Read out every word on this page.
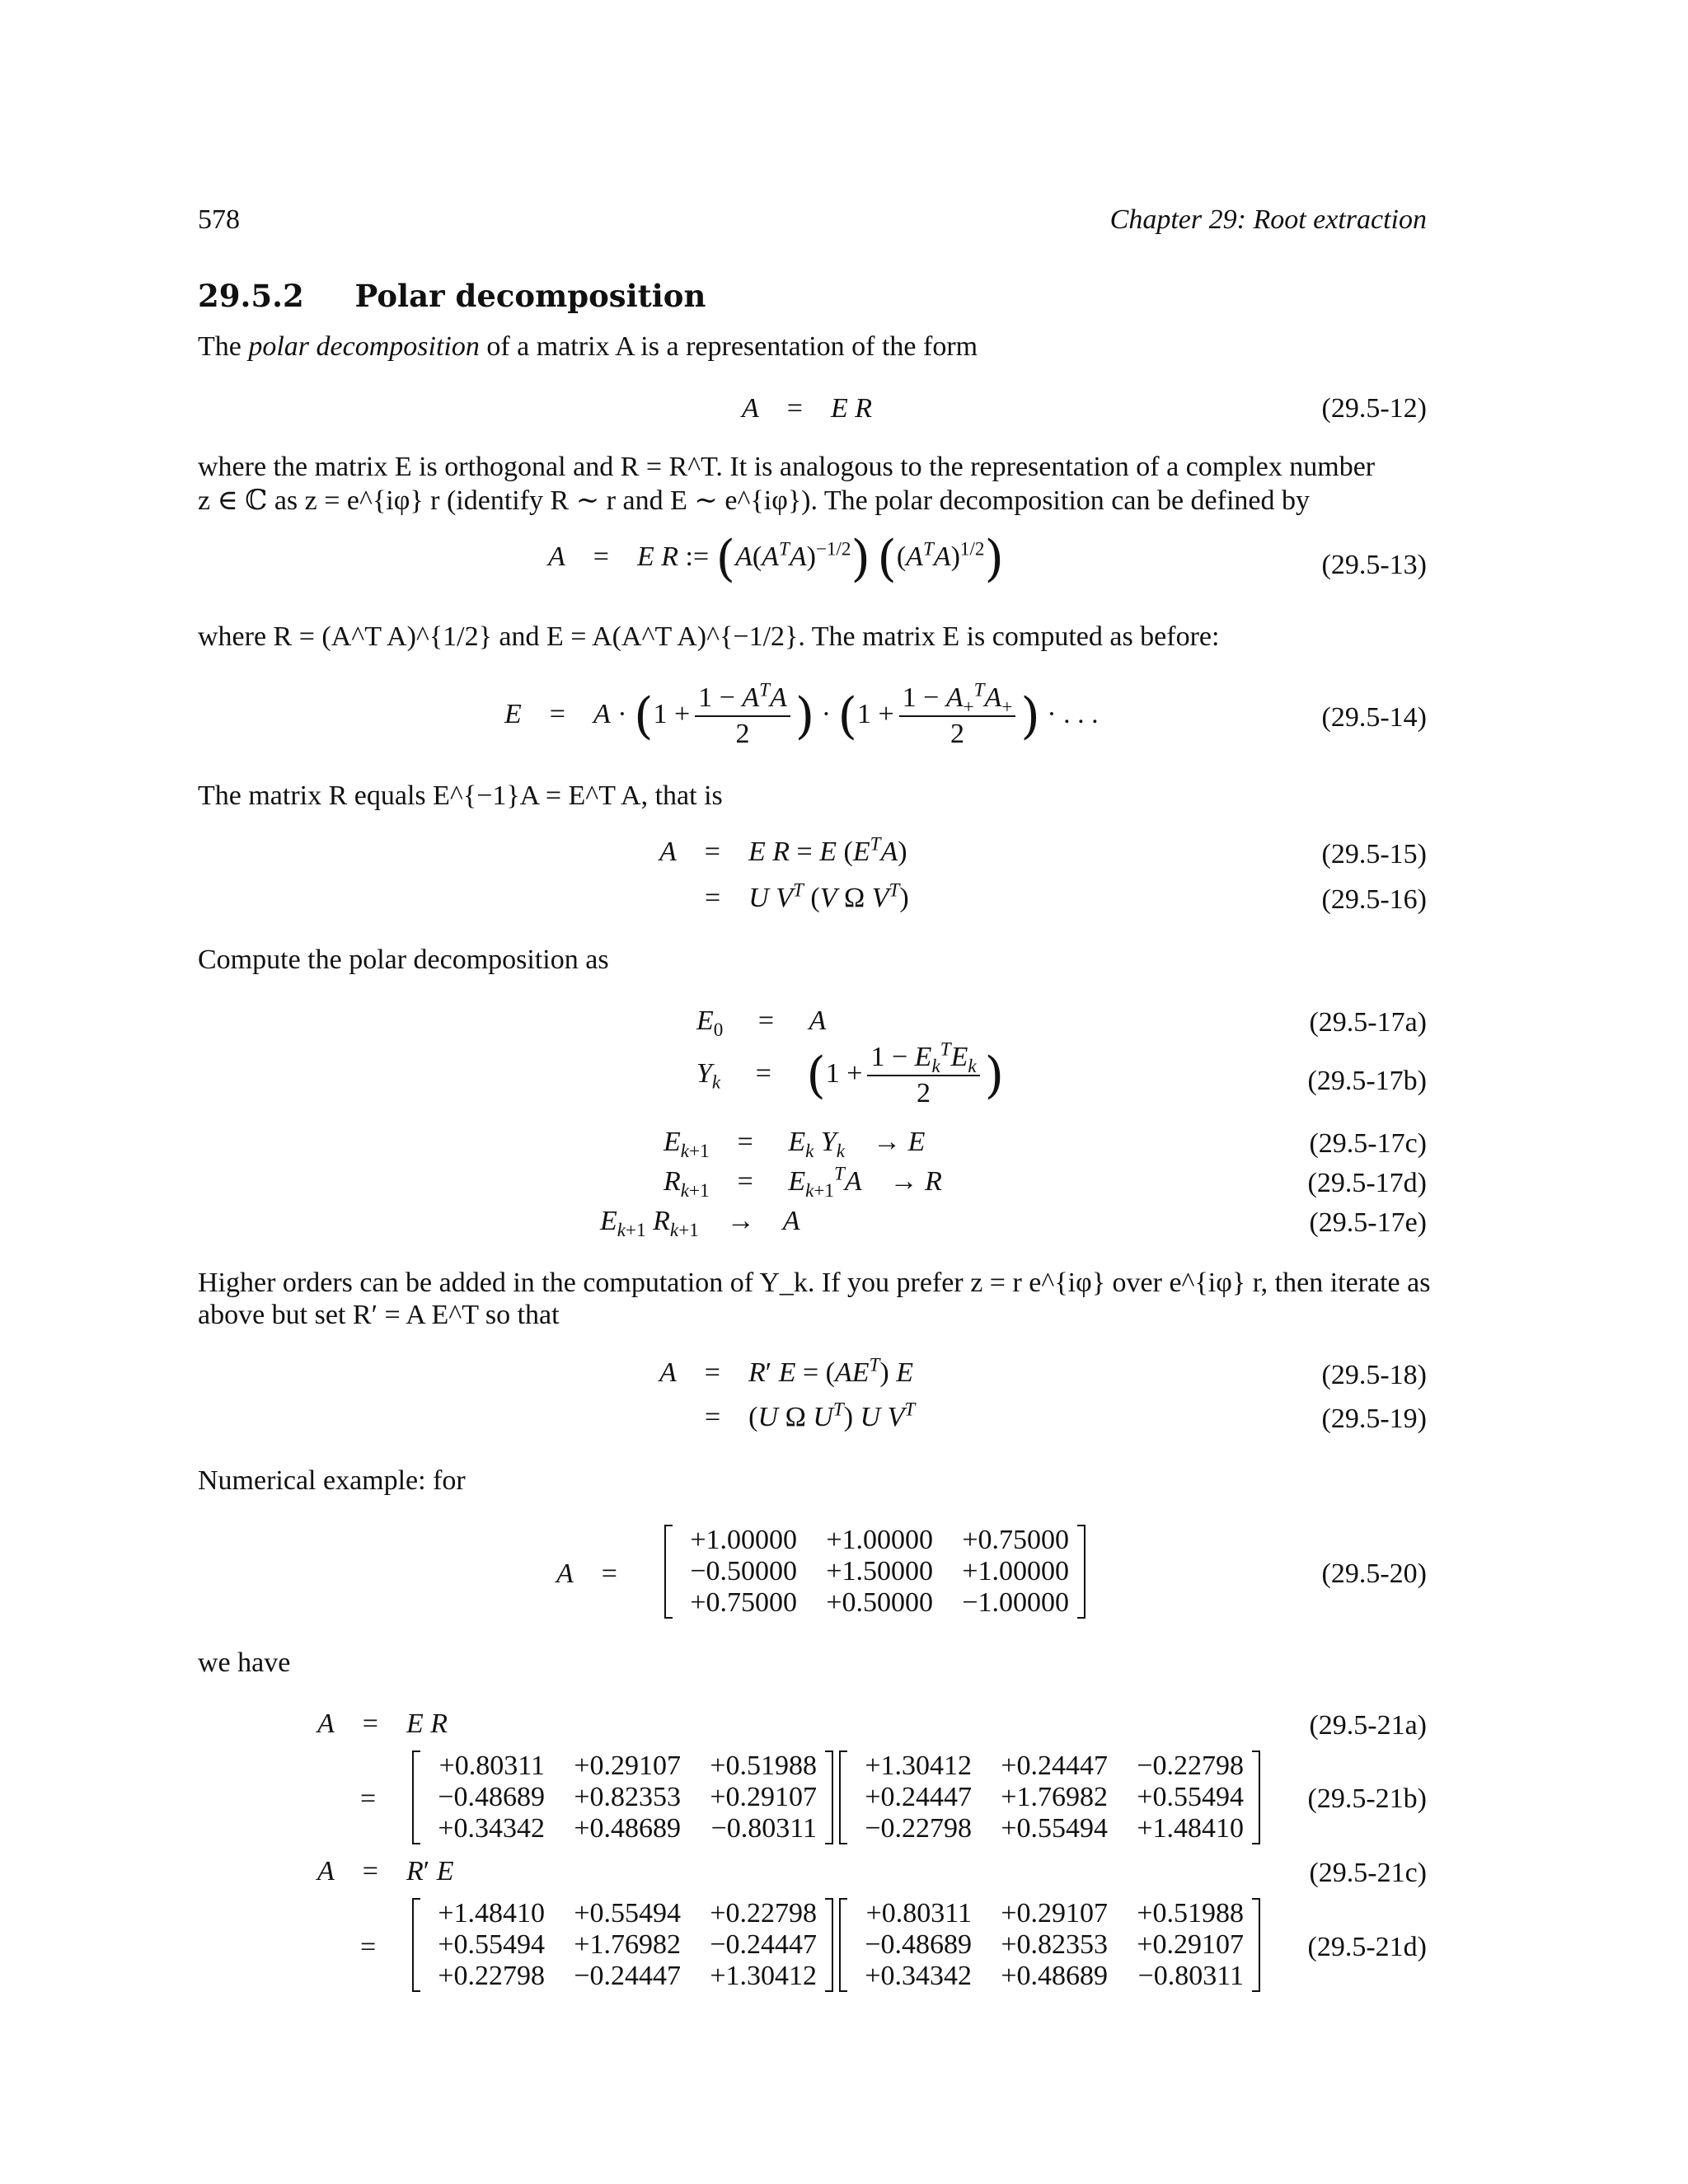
578	Chapter 29: Root extraction
29.5.2 Polar decomposition
The polar decomposition of a matrix A is a representation of the form
A    =    E R	(29.5-12)
where the matrix E is orthogonal and R = R^T. It is analogous to the representation of a complex number
z ∈ ℂ as z = e^{iφ} r (identify R ∼ r and E ∼ e^{iφ}). The polar decomposition can be defined by
A    =    E R := $(A(A^TA)^{-1/2})$ $((A^TA)^{1/2})$	(29.5-13)
where R = (A^T A)^{1/2} and E = A(A^T A)^{−1/2}. The matrix E is computed as before:
E    =    $A \cdot (1 + \frac{1 - A^TA}{2}$ ) · ($1 + \frac{1 - A_+^TA_+}{2}$ ) · . . .	(29.5-14)
The matrix R equals E^{−1}A = E^T A, that is
A    =    E R = E $(E^TA)$	(29.5-15)
=    U $V^T$ (V Ω $V^T$)	(29.5-16)
Compute the polar decomposition as
$E_0$     =     A	(29.5-17a)
$Y_k$     =     ($1 + \frac{1 - E_k^TE_k}{2}$ )	(29.5-17b)
$E_{k+1}$    =     $E_k$ $Y_k$    → E	(29.5-17c)
$R_{k+1}$    =     $E_{k+1}^TA$    → R	(29.5-17d)
$E_{k+1}$ $R_{k+1}$    →    A	(29.5-17e)
Higher orders can be added in the computation of Y_k. If you prefer z = r e^{iφ} over e^{iφ} r, then iterate as
above but set R′ = A E^T so that
A    =    R′ $E = (AE^T)$ E	(29.5-18)
=    (U Ω $U^T$) U $V^T$	(29.5-19)
Numerical example: for
A    =
+1.00000	+1.00000	+0.75000
−0.50000	+1.50000	+1.00000
+0.75000	+0.50000	−1.00000
(29.5-20)
we have
A    =    E R	(29.5-21a)
=
+0.80311	+0.29107	+0.51988
−0.48689	+0.82353	+0.29107
+0.34342	+0.48689	−0.80311
+1.30412	+0.24447	−0.22798
+0.24447	+1.76982	+0.55494
−0.22798	+0.55494	+1.48410
(29.5-21b)
A    =    R′ E	(29.5-21c)
=
+1.48410	+0.55494	+0.22798
+0.55494	+1.76982	−0.24447
+0.22798	−0.24447	+1.30412
+0.80311	+0.29107	+0.51988
−0.48689	+0.82353	+0.29107
+0.34342	+0.48689	−0.80311
(29.5-21d)
